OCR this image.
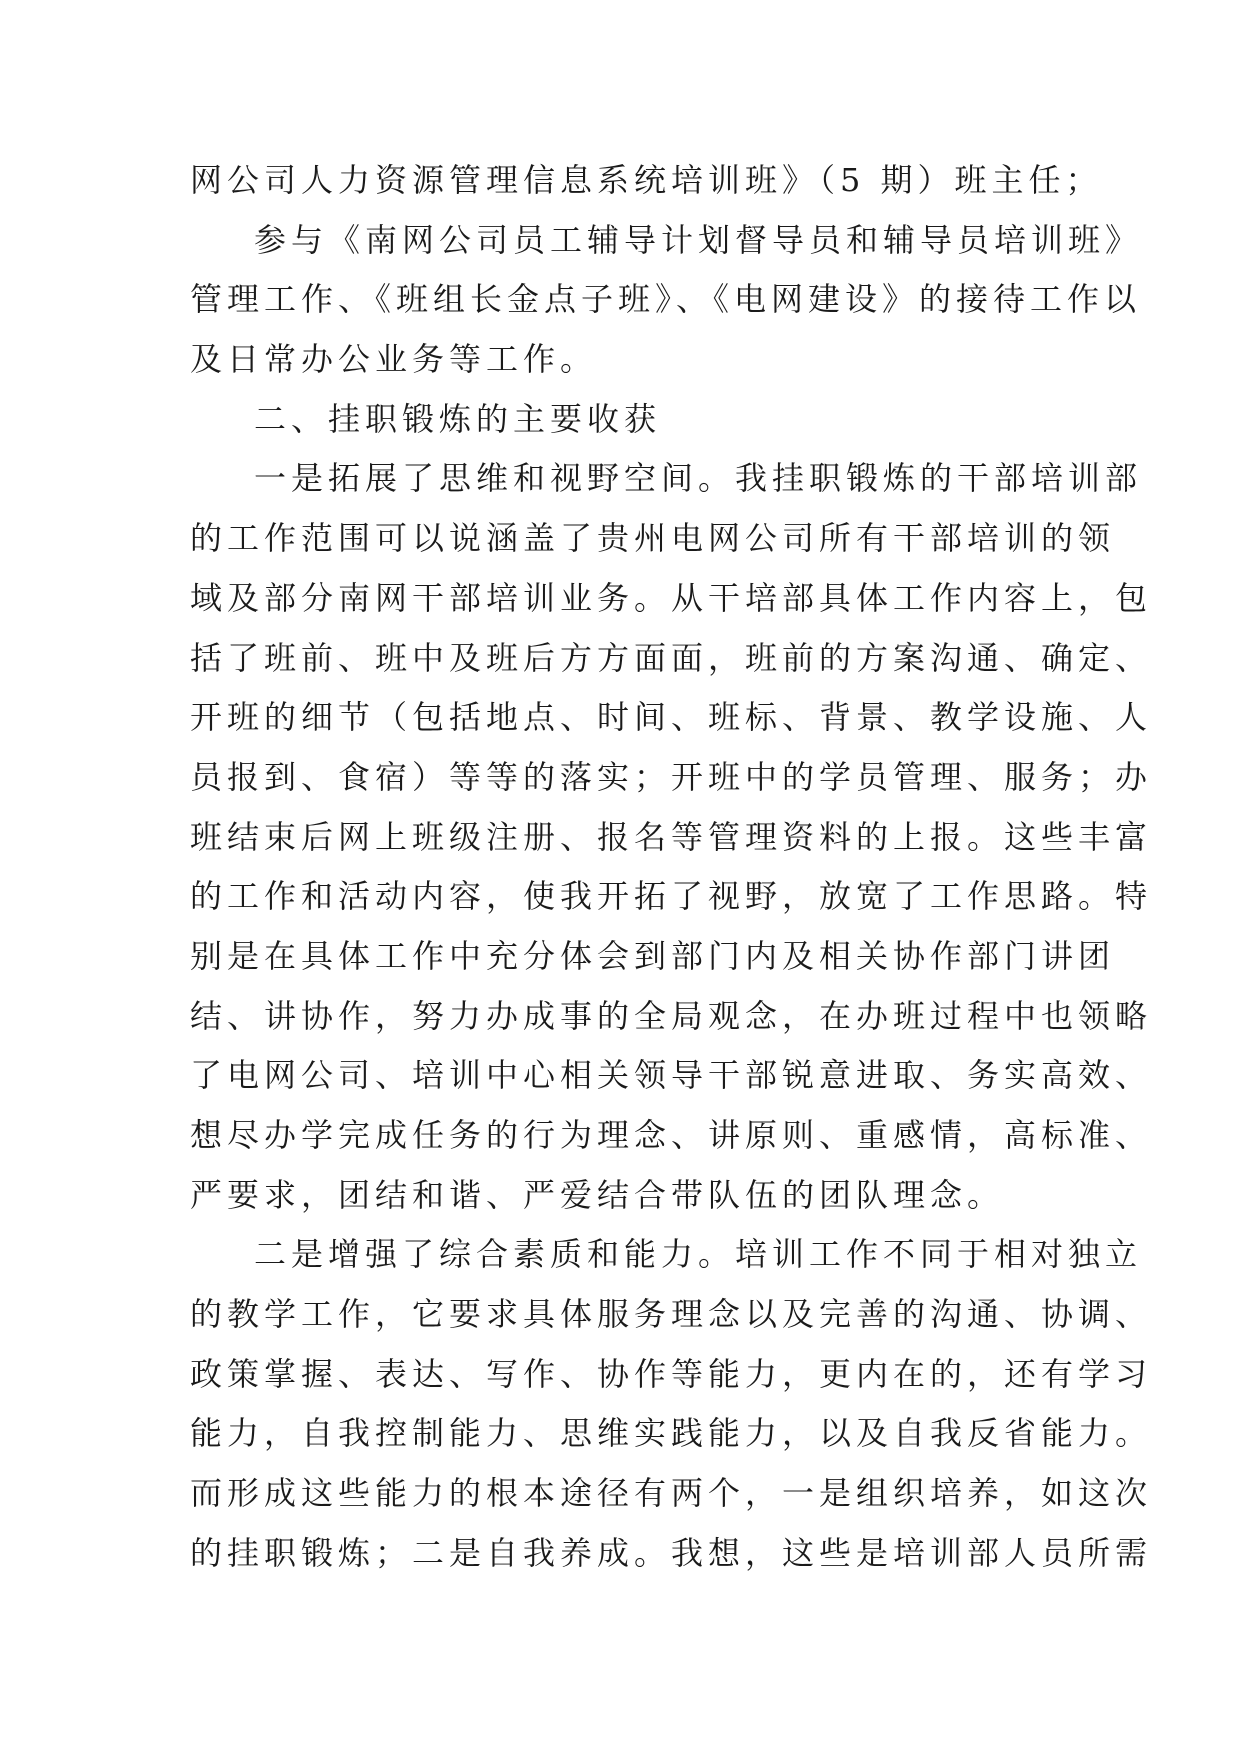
网公司人力资源管理信息系统培训班》（5 期）班主任；
参与《南网公司员工辅导计划督导员和辅导员培训班》
管理工作、《班组长金点子班》、《电网建设》的接待工作以
及日常办公业务等工作。
二、挂职锻炼的主要收获
一是拓展了思维和视野空间。我挂职锻炼的干部培训部
的工作范围可以说涵盖了贵州电网公司所有干部培训的领
域及部分南网干部培训业务。从干培部具体工作内容上，包
括了班前、班中及班后方方面面，班前的方案沟通、确定、
开班的细节（包括地点、时间、班标、背景、教学设施、人
员报到、食宿）等等的落实；开班中的学员管理、服务；办
班结束后网上班级注册、报名等管理资料的上报。这些丰富
的工作和活动内容，使我开拓了视野，放宽了工作思路。特
别是在具体工作中充分体会到部门内及相关协作部门讲团
结、讲协作，努力办成事的全局观念，在办班过程中也领略
了电网公司、培训中心相关领导干部锐意进取、务实高效、
想尽办学完成任务的行为理念、讲原则、重感情，高标准、
严要求，团结和谐、严爱结合带队伍的团队理念。
二是增强了综合素质和能力。培训工作不同于相对独立
的教学工作，它要求具体服务理念以及完善的沟通、协调、
政策掌握、表达、写作、协作等能力，更内在的，还有学习
能力，自我控制能力、思维实践能力，以及自我反省能力。
而形成这些能力的根本途径有两个，一是组织培养，如这次
的挂职锻炼；二是自我养成。我想，这些是培训部人员所需
